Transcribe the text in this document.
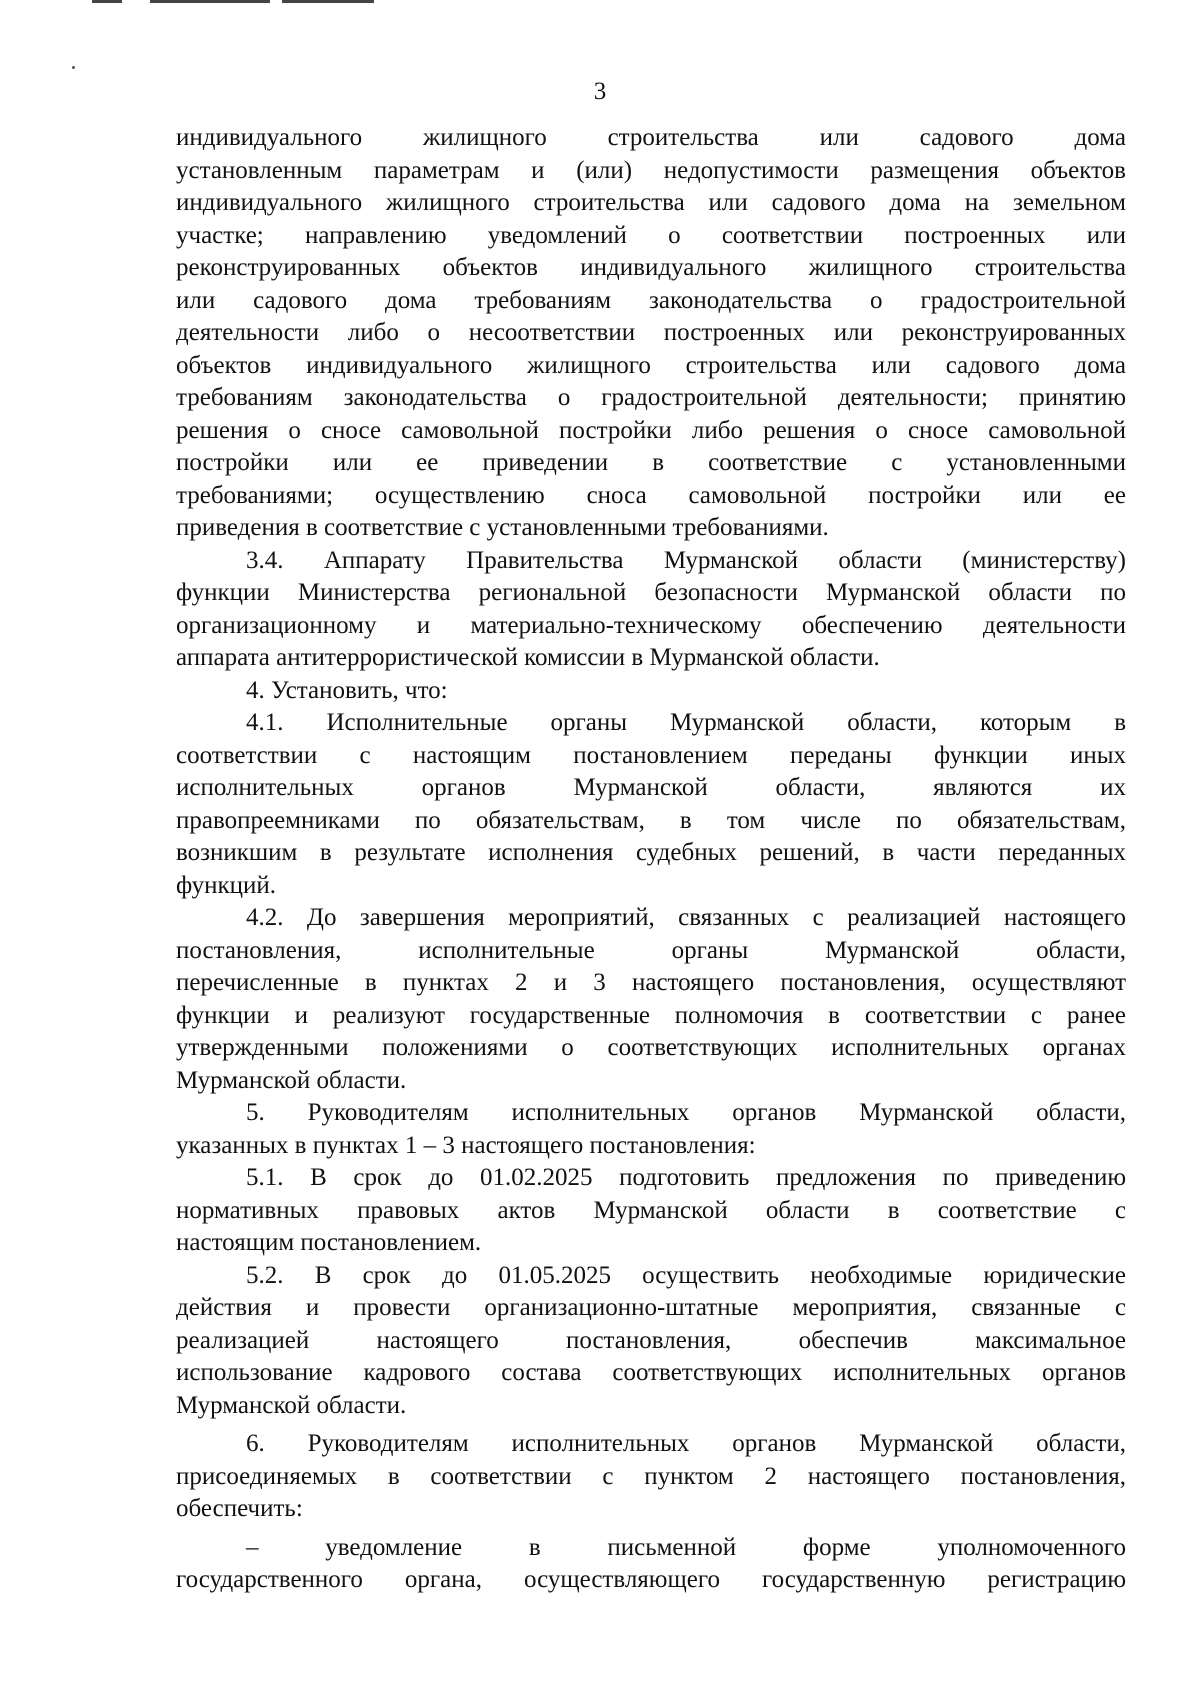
3

индивидуального жилищного строительства или садового дома
установленным параметрам и (или) недопустимости размещения объектов
индивидуального жилищного строительства или садового дома на земельном
участке; направлению уведомлений о соответствии построенных или
реконструированных объектов индивидуального жилищного строительства
или садового дома требованиям законодательства о градостроительной
деятельности либо о несоответствии построенных или реконструированных
объектов индивидуального жилищного строительства или садового дома
требованиям законодательства о градостроительной деятельности; принятию
решения о сносе самовольной постройки либо решения о сносе самовольной
постройки или ее приведении в соответствие с установленными
требованиями; осуществлению сноса самовольной постройки или ее
приведения в соответствие с установленными требованиями.

3.4. Аппарату Правительства Мурманской области (министерству)
функции Министерства региональной безопасности Мурманской области по
организационному и материально-техническому обеспечению деятельности
аппарата антитеррористической комиссии в Мурманской области.

4. Установить, что:

4.1. Исполнительные органы Мурманской области, которым в
соответствии с настоящим постановлением переданы функции иных
исполнительных органов Мурманской области, являются их
правопреемниками по обязательствам, в том числе по обязательствам,
возникшим в результате исполнения судебных решений, в части переданных
функций.

4.2. До завершения мероприятий, связанных с реализацией настоящего
постановления, исполнительные органы Мурманской области,
перечисленные в пунктах 2 и 3 настоящего постановления, осуществляют
функции и реализуют государственные полномочия в соответствии с ранее
утвержденными положениями о соответствующих исполнительных органах
Мурманской области.

5. Руководителям исполнительных органов Мурманской области,
указанных в пунктах 1 – 3 настоящего постановления:

5.1. В срок до 01.02.2025 подготовить предложения по приведению
нормативных правовых актов Мурманской области в соответствие с
настоящим постановлением.

5.2. В срок до 01.05.2025 осуществить необходимые юридические
действия и провести организационно-штатные мероприятия, связанные с
реализацией настоящего постановления, обеспечив максимальное
использование кадрового состава соответствующих исполнительных органов
Мурманской области.

6. Руководителям исполнительных органов Мурманской области,
присоединяемых в соответствии с пунктом 2 настоящего постановления,
обеспечить:

– уведомление в письменной форме уполномоченного
государственного органа, осуществляющего государственную регистрацию
